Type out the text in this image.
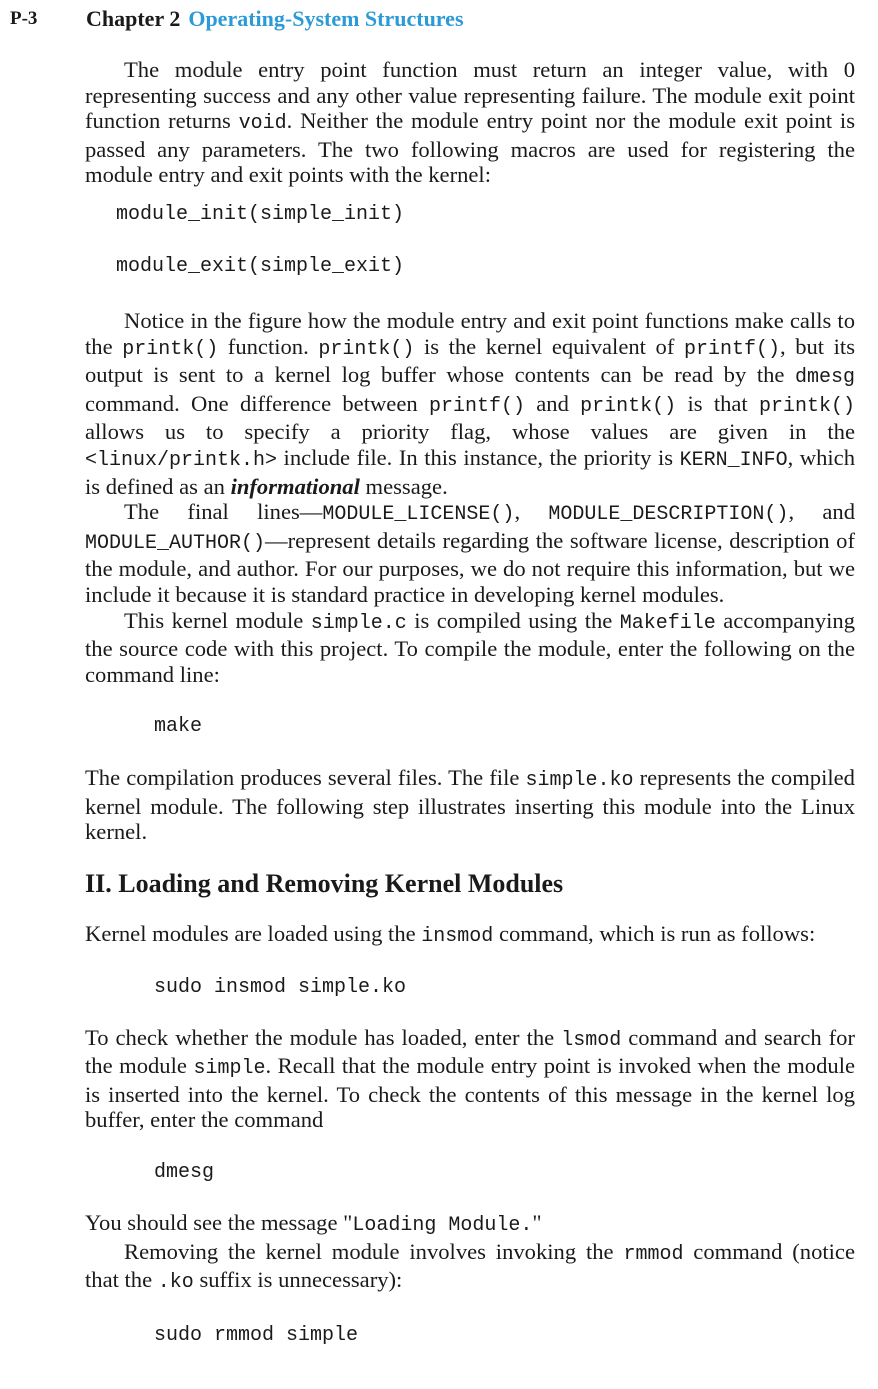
P-3 Chapter 2 Operating-System Structures

The module entry point function must return an integer value, with 0 representing success and any other value representing failure. The module exit point function returns void. Neither the module entry point nor the module exit point is passed any parameters. The two following macros are used for registering the module entry and exit points with the kernel:

module_init(simple_init)
module_exit(simple_exit)

Notice in the figure how the module entry and exit point functions make calls to the printk() function. printk() is the kernel equivalent of printf(), but its output is sent to a kernel log buffer whose contents can be read by the dmesg command. One difference between printf() and printk() is that printk() allows us to specify a priority flag, whose values are given in the <linux/printk.h> include file. In this instance, the priority is KERN_INFO, which is defined as an informational message.

The final lines—MODULE_LICENSE(), MODULE_DESCRIPTION(), and MODULE_AUTHOR()—represent details regarding the software license, description of the module, and author. For our purposes, we do not require this information, but we include it because it is standard practice in developing kernel modules.

This kernel module simple.c is compiled using the Makefile accompanying the source code with this project. To compile the module, enter the following on the command line:

make

The compilation produces several files. The file simple.ko represents the compiled kernel module. The following step illustrates inserting this module into the Linux kernel.

II. Loading and Removing Kernel Modules

Kernel modules are loaded using the insmod command, which is run as follows:

sudo insmod simple.ko

To check whether the module has loaded, enter the lsmod command and search for the module simple. Recall that the module entry point is invoked when the module is inserted into the kernel. To check the contents of this message in the kernel log buffer, enter the command

dmesg

You should see the message "Loading Module."

Removing the kernel module involves invoking the rmmod command (notice that the .ko suffix is unnecessary):

sudo rmmod simple
